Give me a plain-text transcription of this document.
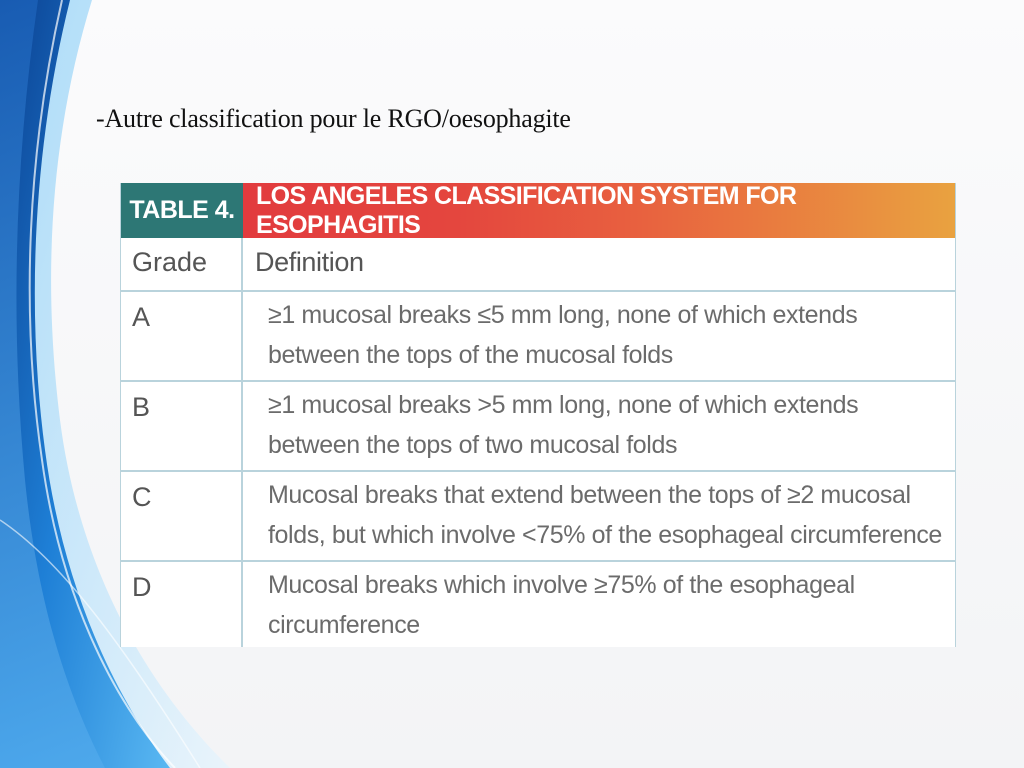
-Autre classification pour le RGO/oesophagite
TABLE 4.
LOS ANGELES CLASSIFICATION SYSTEM FOR ESOPHAGITIS
Grade	Definition
A	≥1 mucosal breaks ≤5 mm long, none of which extends between the tops of the mucosal folds
B	≥1 mucosal breaks >5 mm long, none of which extends between the tops of two mucosal folds
C	Mucosal breaks that extend between the tops of ≥2 mucosal folds, but which involve <75% of the esophageal circumference
D	Mucosal breaks which involve ≥75% of the esophageal circumference
